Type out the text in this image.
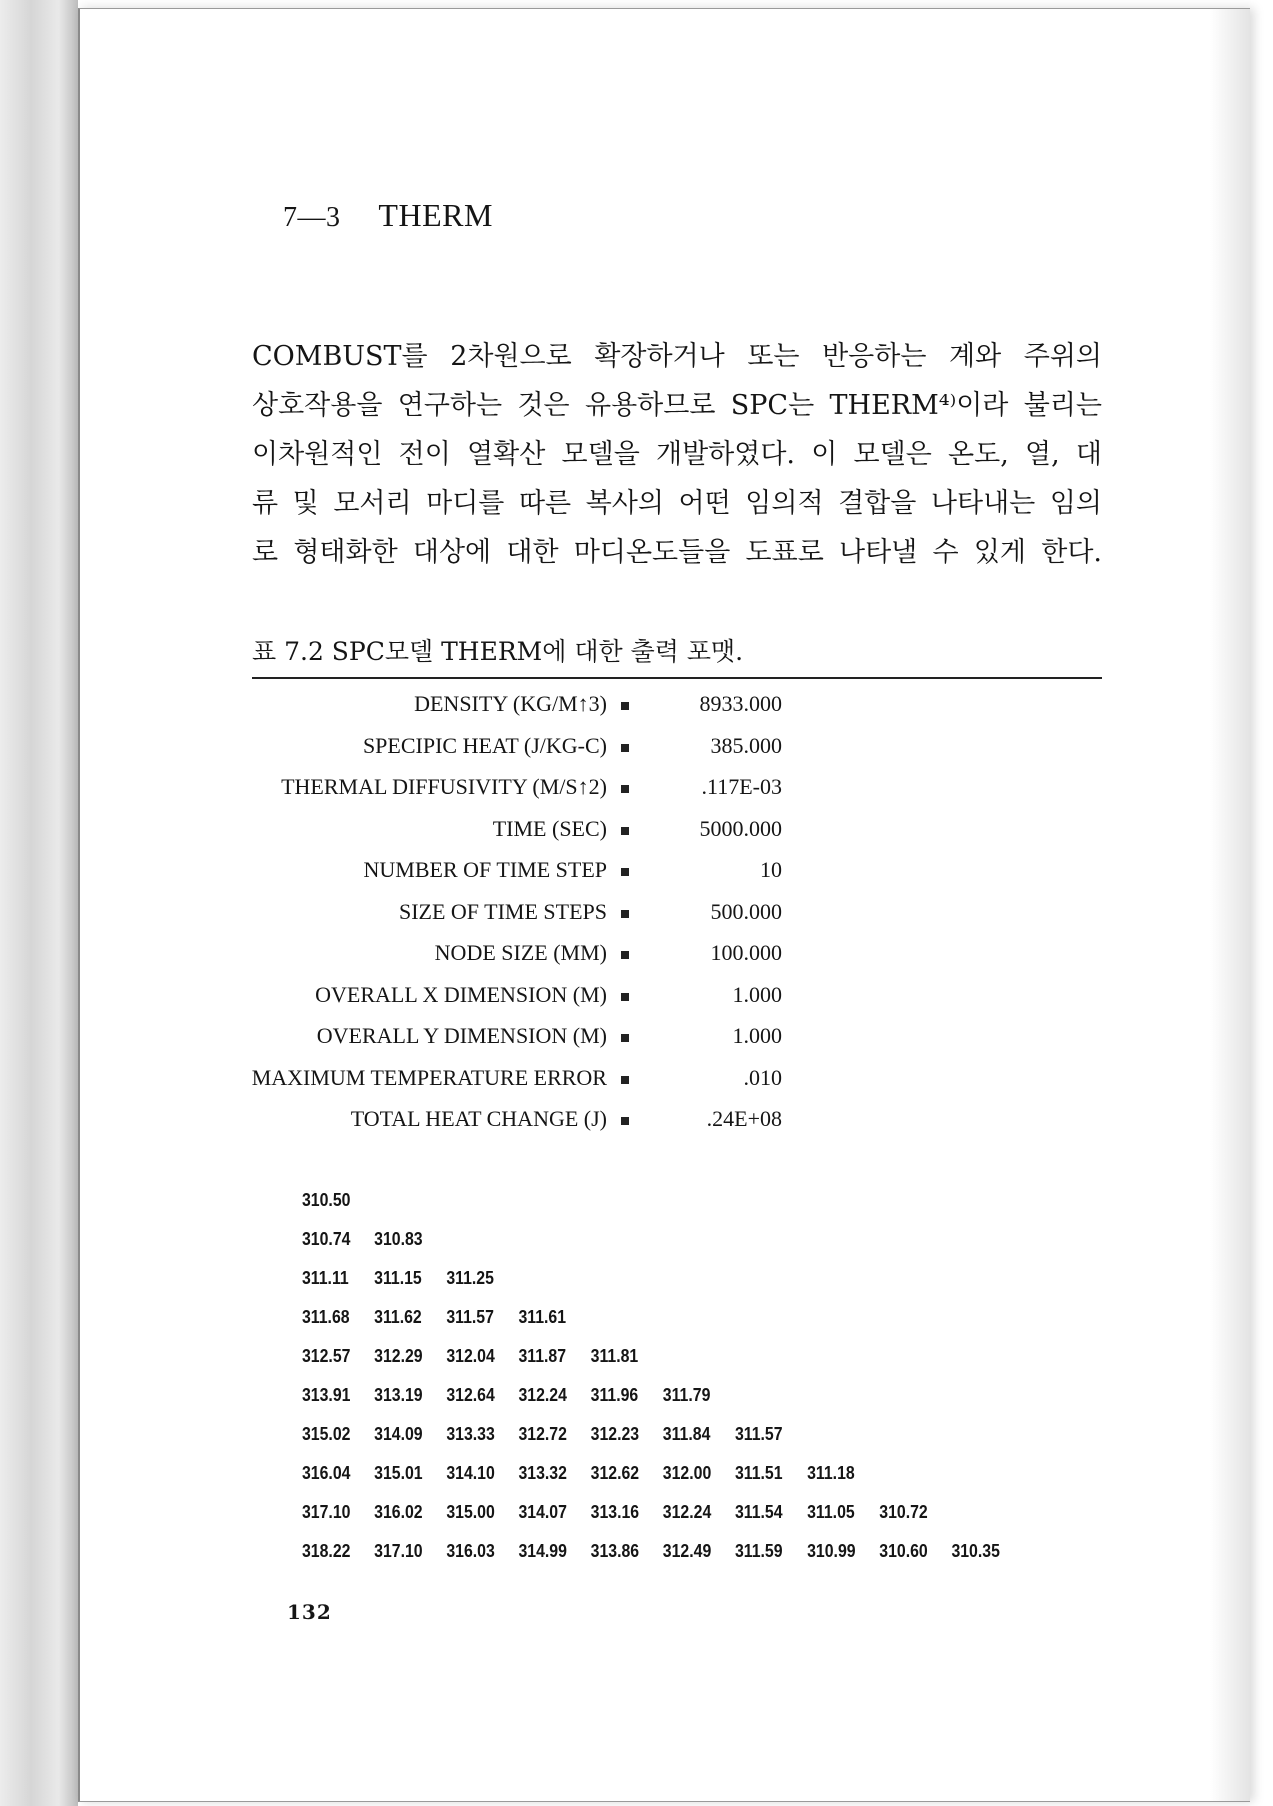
7—3 THERM

COMBUST를 2차원으로 확장하거나 또는 반응하는 계와 주위의

상호작용을 연구하는 것은 유용하므로 SPC는 THERM⁴⁾이라 불리는

이차원적인 전이 열확산 모델을 개발하였다. 이 모델은 온도, 열, 대

류 및 모서리 마디를 따른 복사의 어떤 임의적 결합을 나타내는 임의

로 형태화한 대상에 대한 마디온도들을 도표로 나타낼 수 있게 한다.

표 7.2 SPC모델 THERM에 대한 출력 포맷.
DENSITY (KG/M↑3)	8933.000
SPECIPIC HEAT (J/KG-C)	385.000
THERMAL DIFFUSIVITY (M/S↑2)	.117E-03
TIME (SEC)	5000.000
NUMBER OF TIME STEP	10
SIZE OF TIME STEPS	500.000
NODE SIZE (MM)	100.000
OVERALL X DIMENSION (M)	1.000
OVERALL Y DIMENSION (M)	1.000
MAXIMUM TEMPERATURE ERROR	.010
TOTAL HEAT CHANGE (J)	.24E+08
310.50
310.74	310.83
311.11	311.15	311.25
311.68	311.62	311.57	311.61
312.57	312.29	312.04	311.87	311.81
313.91	313.19	312.64	312.24	311.96	311.79
315.02	314.09	313.33	312.72	312.23	311.84	311.57
316.04	315.01	314.10	313.32	312.62	312.00	311.51	311.18
317.10	316.02	315.00	314.07	313.16	312.24	311.54	311.05	310.72
318.22	317.10	316.03	314.99	313.86	312.49	311.59	310.99	310.60	310.35
132
